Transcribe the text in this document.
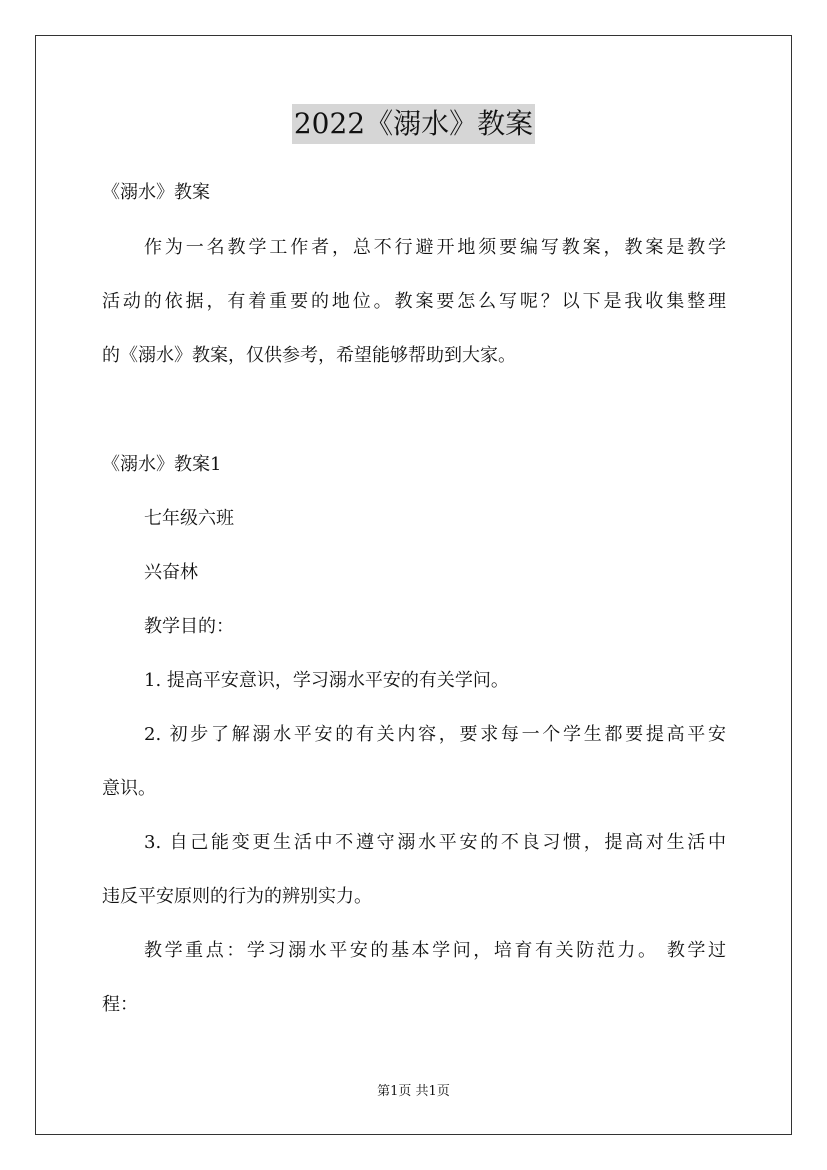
2022《溺水》教案

《溺水》教案

作为一名教学工作者，总不行避开地须要编写教案，教案是教学

活动的依据，有着重要的地位。教案要怎么写呢？以下是我收集整理

的《溺水》教案，仅供参考，希望能够帮助到大家。

《溺水》教案1

七年级六班

兴奋林

教学目的：

1. 提高平安意识，学习溺水平安的有关学问。

2. 初步了解溺水平安的有关内容，要求每一个学生都要提高平安

意识。

3. 自己能变更生活中不遵守溺水平安的不良习惯，提高对生活中

违反平安原则的行为的辨别实力。

教学重点：学习溺水平安的基本学问，培育有关防范力。 教学过

程：

第1页 共1页
